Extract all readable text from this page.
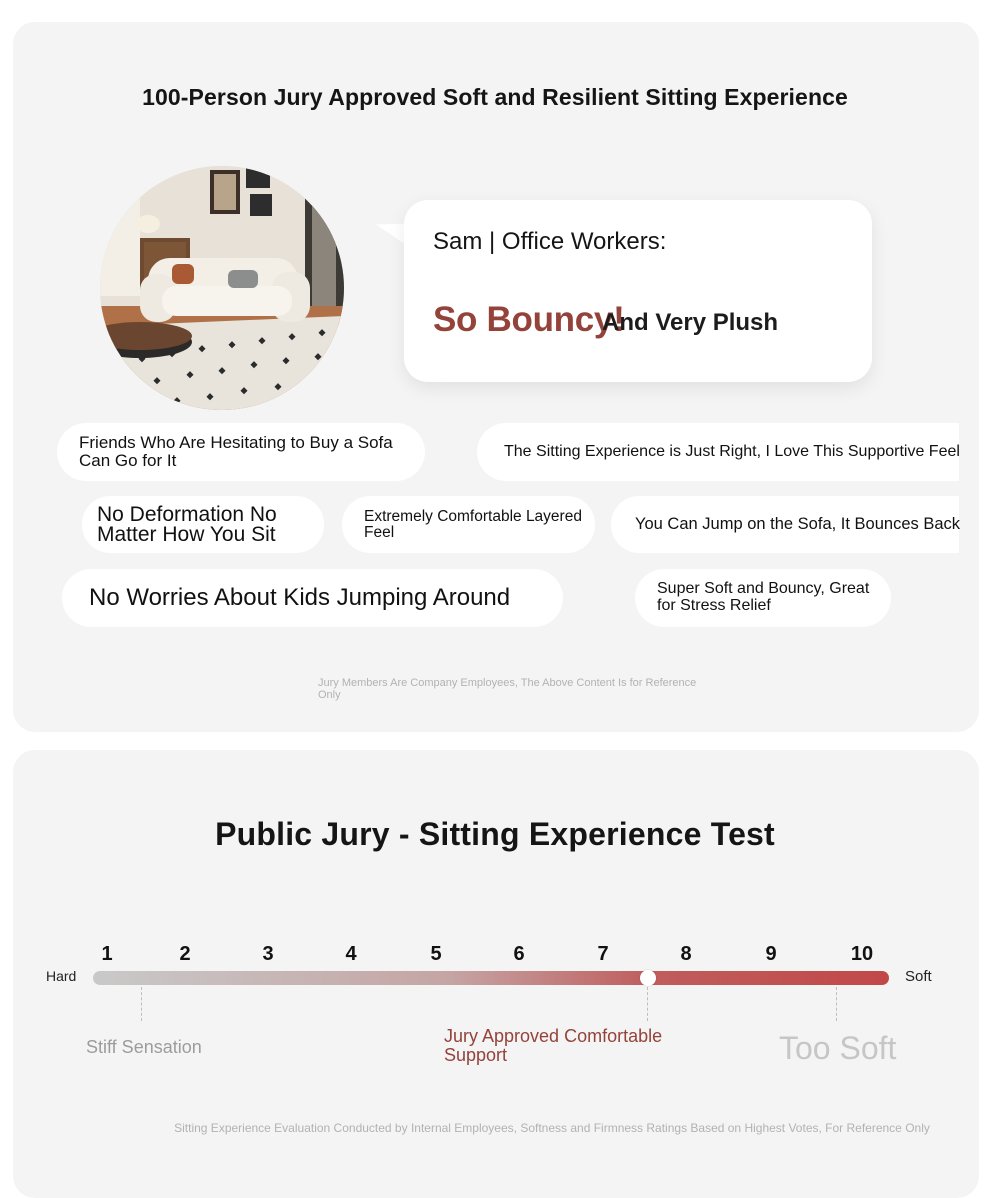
100-Person Jury Approved Soft and Resilient Sitting Experience
Sam | Office Workers:
So Bouncy!
And Very Plush
Friends Who Are Hesitating to Buy a Sofa Can Go for It	The Sitting Experience is Just Right, I Love This Supportive Feel
No Deformation No Matter How You Sit
Extremely Comfortable Layered Feel	You Can Jump on the Sofa, It Bounces Back
No Worries About Kids Jumping Around	Super Soft and Bouncy, Great for Stress Relief
Jury Members Are Company Employees, The Above Content Is for Reference Only
Public Jury - Sitting Experience Test
1	2	3	4	5	6	7	8	9	10
Hard	Soft
Stiff Sensation
Jury Approved Comfortable Support	Too Soft
Sitting Experience Evaluation Conducted by Internal Employees, Softness and Firmness Ratings Based on Highest Votes, For Reference Only
